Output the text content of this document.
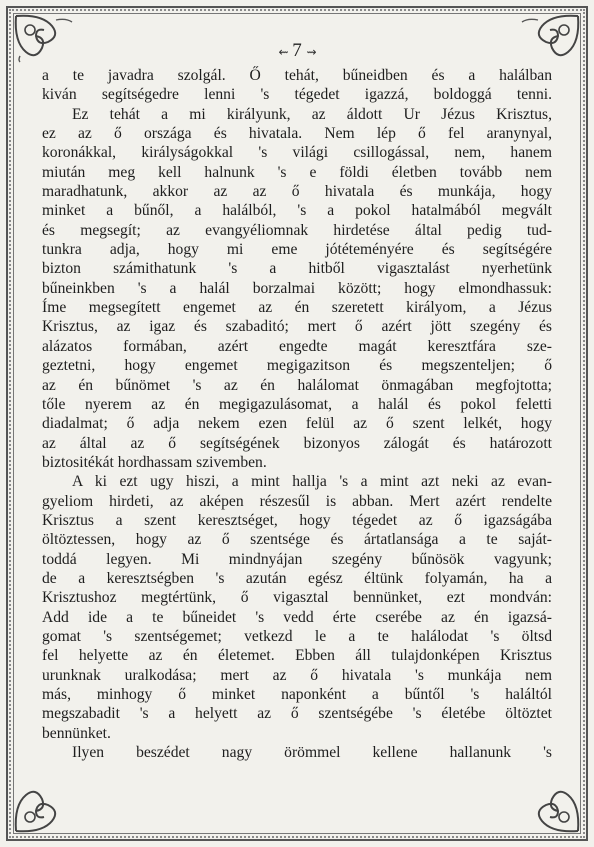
⇜ 7 ⇝
a te javadra szolgál. Ő tehát, bűneidben és a halálban
kiván segítségedre lenni 's tégedet igazzá, boldoggá tenni.
Ez tehát a mi királyunk, az áldott Ur Jézus Krisztus,
ez az ő országa és hivatala. Nem lép ő fel aranynyal,
koronákkal, királyságokkal 's világi csillogással, nem, hanem
miután meg kell halnunk 's e földi életben tovább nem
maradhatunk, akkor az az ő hivatala és munkája, hogy
minket a bűnől, a halálból, 's a pokol hatalmából megvált
és megsegít; az evangyéliomnak hirdetése által pedig tud-
tunkra adja, hogy mi eme jótéteményére és segítségére
bizton számithatunk 's a hitből vigasztalást nyerhetünk
bűneinkben 's a halál borzalmai között; hogy elmondhassuk:
Íme megsegített engemet az én szeretett királyom, a Jézus
Krisztus, az igaz és szabaditó; mert ő azért jött szegény és
alázatos formában, azért engedte magát keresztfára sze-
geztetni, hogy engemet megigazitson és megszenteljen; ő
az én bűnömet 's az én halálomat önmagában megfojtotta;
tőle nyerem az én megigazulásomat, a halál és pokol feletti
diadalmat; ő adja nekem ezen felül az ő szent lelkét, hogy
az által az ő segítségének bizonyos zálogát és határozott
biztositékát hordhassam szivemben.
A ki ezt ugy hiszi, a mint hallja 's a mint azt neki az evan-
gyeliom hirdeti, az aképen részesűl is abban. Mert azért rendelte
Krisztus a szent keresztséget, hogy tégedet az ő igazságába
öltöztessen, hogy az ő szentsége és ártatlansága a te saját-
toddá legyen. Mi mindnyájan szegény bűnösök vagyunk;
de a keresztségben 's azután egész éltünk folyamán, ha a
Krisztushoz megtértünk, ő vigasztal bennünket, ezt mondván:
Add ide a te bűneidet 's vedd érte cserébe az én igazsá-
gomat 's szentségemet; vetkezd le a te halálodat 's öltsd
fel helyette az én életemet. Ebben áll tulajdonképen Krisztus
urunknak uralkodása; mert az ő hivatala 's munkája nem
más, minhogy ő minket naponként a bűntől 's haláltól
megszabadit 's a helyett az ő szentségébe 's életébe öltöztet
bennünket.
Ilyen beszédet nagy örömmel kellene hallanunk 's
